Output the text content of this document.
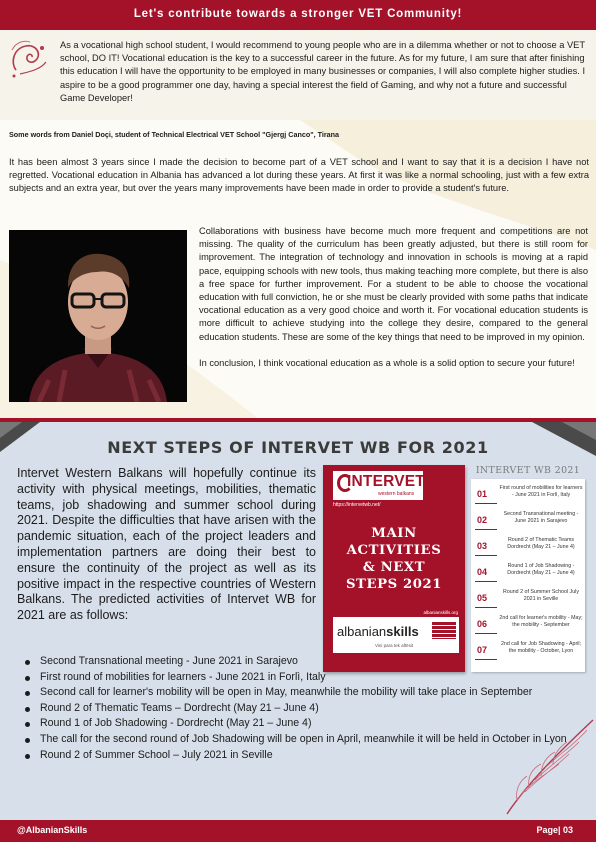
Let's contribute towards a stronger VET Community!
As a vocational high school student, I would recommend to young people who are in a dilemma whether or not to choose a VET school, DO IT! Vocational education is the key to a successful career in the future. As for my future, I am sure that after finishing this education I will have the opportunity to be employed in many businesses or companies, I will also complete higher studies. I aspire to be a good programmer one day, having a special interest the field of Gaming, and why not a future and successful Game Developer!
Some words from Daniel Doçi, student of Technical Electrical VET School "Gjergj Canco", Tirana
It has been almost 3 years since I made the decision to become part of a VET school and I want to say that it is a decision I have not regretted. Vocational education in Albania has advanced a lot during these years. At first it was like a normal schooling, just with a few extra subjects and an extra year, but over the years many improvements have been made in order to provide a student's future.

Collaborations with business have become much more frequent and competitions are not missing. The quality of the curriculum has been greatly adjusted, but there is still room for improvement. The integration of technology and innovation in schools is moving at a rapid pace, equipping schools with new tools, thus making teaching more complete, but there is also a free space for further improvement. For a student to be able to choose the vocational education with full conviction, he or she must be clearly provided with some paths that indicate vocational education as a very good choice and worth it. For vocational education students is more difficult to achieve studying into the college they desire, compared to the general education students. These are some of the key things that need to be improved in my opinion.

In conclusion, I think vocational education as a whole is a solid option to secure your future!

NEXT STEPS OF INTERVET WB FOR 2021
Intervet Western Balkans will hopefully continue its activity with physical meetings, mobilities, thematic teams, job shadowing and summer school during 2021. Despite the difficulties that have arisen with the pandemic situation, each of the project leaders and implementation partners are doing their best to ensure the continuity of the project as well as its positive impact in the respective countries of Western Balkans. The predicted activities of Intervet WB for 2021 are as follows:
INTERVET
western balkans
https://intervetwb.net/
MAIN
ACTIVITIES
& NEXT
STEPS 2021
albanianskills.org
albanianskills
Vini para tek aftësit
INTERVET WB 2021
01
First round of mobilities for learners - June 2021 in Forlì, Italy
02
Second Transnational meeting - June 2021 in Sarajevo
03
Round 2 of Thematic Teams Dordrecht (May 21 – June 4)
04
Round 1 of Job Shadowing - Dordrecht (May 21 – June 4)
05
Round 2 of Summer School July 2021 in Seville
06
2nd call for learner's mobility - May; the mobility - September
07
2nd call for Job Shadowing - April; the mobility - October, Lyon
Second Transnational meeting - June 2021 in Sarajevo
First round of mobilities for learners - June 2021 in Forlì, Italy
Second call for learner's mobility will be open in May, meanwhile the mobility will take place in September
Round 2 of Thematic Teams – Dordrecht (May 21 – June 4)
Round 1 of Job Shadowing - Dordrecht (May 21 – June 4)
The call for the second round of Job Shadowing will be open in April, meanwhile it will be held in October in Lyon
Round 2 of Summer School – July 2021 in Seville
@AlbanianSkills	Page| 03
